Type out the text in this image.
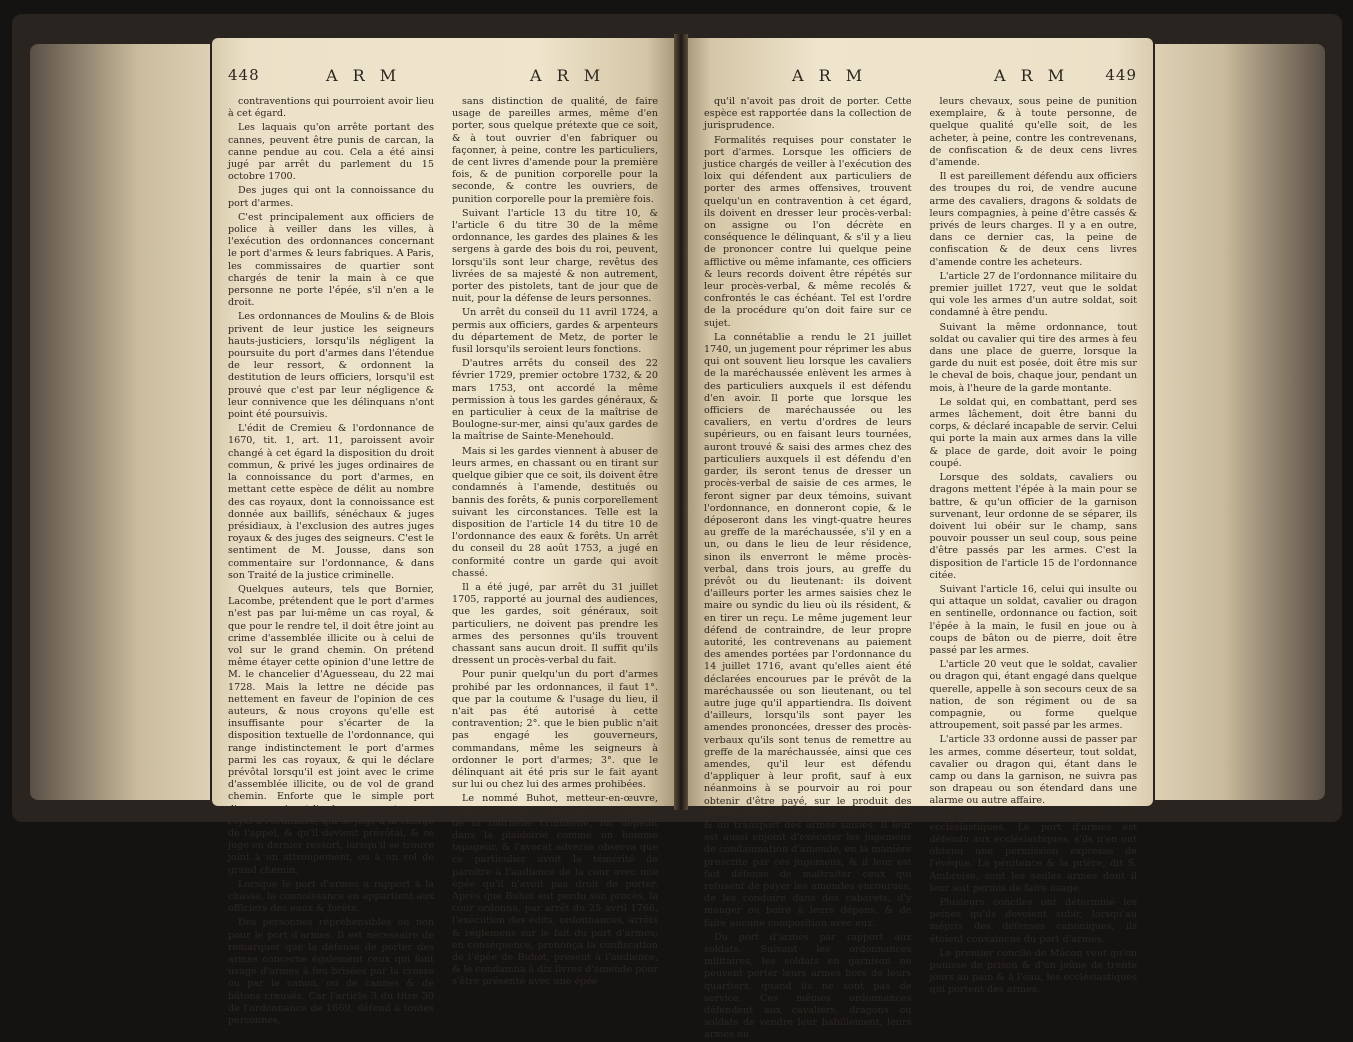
448	A R M	A R M

contraventions qui pourroient avoir lieu à cet égard.

Les laquais qu'on arrête portant des cannes, peuvent être punis de carcan, la canne pendue au cou. Cela a été ainsi jugé par arrêt du parlement du 15 octobre 1700.

Des juges qui ont la connoissance du port d'armes.

C'est principalement aux officiers de police à veiller dans les villes, à l'exécution des ordonnances concernant le port d'armes & leurs fabriques. A Paris, les commissaires de quartier sont chargés de tenir la main à ce que personne ne porte l'épée, s'il n'en a le droit.

Les ordonnances de Moulins & de Blois privent de leur justice les seigneurs hauts-justiciers, lorsqu'ils négligent la poursuite du port d'armes dans l'étendue de leur ressort, & ordonnent la destitution de leurs officiers, lorsqu'il est prouvé que c'est par leur négligence & leur connivence que les délinquans n'ont point été poursuivis.

L'édit de Cremieu & l'ordonnance de 1670, tit. 1, art. 11, paroissent avoir changé à cet égard la disposition du droit commun, & privé les juges ordinaires de la connoissance du port d'armes, en mettant cette espèce de délit au nombre des cas royaux, dont la connoissance est donnée aux baillifs, sénéchaux & juges présidiaux, à l'exclusion des autres juges royaux & des juges des seigneurs. C'est le sentiment de M. Jousse, dans son commentaire sur l'ordonnance, & dans son Traité de la justice criminelle.

Quelques auteurs, tels que Bornier, Lacombe, prétendent que le port d'armes n'est pas par lui-même un cas royal, & que pour le rendre tel, il doit être joint au crime d'assemblée illicite ou à celui de vol sur le grand chemin. On prétend même étayer cette opinion d'une lettre de M. le chancelier d'Aguesseau, du 22 mai 1728. Mais la lettre ne décide pas nettement en faveur de l'opinion de ces auteurs, & nous croyons qu'elle est insuffisante pour s'écarter de la disposition textuelle de l'ordonnance, qui range indistinctement le port d'armes parmi les cas royaux, & qui le déclare prévôtal lorsqu'il est joint avec le crime d'assemblée illicite, ou de vol de grand chemin. Enforte que le simple port d'armes, suivant l'ordonnance, est un cas royal à l'ordinaire, qui se juge à la charge de l'appel, & qu'il devient prévôtal, & se juge en dernier ressort, lorsqu'il se trouve joint à un attroupement, ou à un vol de grand chemin.

Lorsque le port d'armes a rapport à la chasse, la connoissance en appartient aux officiers des eaux & forêts.

Des personnes répréhensibles ou non pour le port d'armes. Il est nécessaire de remarquer que la défense de porter des armes concerne également ceux qui font usage d'armes à feu brisées par la crosse ou par le canon, ou de cannes & de bâtons creusés. Car l'article 3 du titre 30 de l'ordonnance de 1669, défend à toutes personnes,

sans distinction de qualité, de faire usage de pareilles armes, même d'en porter, sous quelque prétexte que ce soit, & à tout ouvrier d'en fabriquer ou façonner, à peine, contre les particuliers, de cent livres d'amende pour la première fois, & de punition corporelle pour la seconde, & contre les ouvriers, de punition corporelle pour la première fois.

Suivant l'article 13 du titre 10, & l'article 6 du titre 30 de la même ordonnance, les gardes des plaines & les sergens à garde des bois du roi, peuvent, lorsqu'ils sont leur charge, revêtus des livrées de sa majesté & non autrement, porter des pistolets, tant de jour que de nuit, pour la défense de leurs personnes.

Un arrêt du conseil du 11 avril 1724, a permis aux officiers, gardes & arpenteurs du département de Metz, de porter le fusil lorsqu'ils seroient leurs fonctions.

D'autres arrêts du conseil des 22 février 1729, premier octobre 1732, & 20 mars 1753, ont accordé la même permission à tous les gardes généraux, & en particulier à ceux de la maîtrise de Boulogne-sur-mer, ainsi qu'aux gardes de la maîtrise de Sainte-Menehould.

Mais si les gardes viennent à abuser de leurs armes, en chassant ou en tirant sur quelque gibier que ce soit, ils doivent être condamnés à l'amende, destitués ou bannis des forêts, & punis corporellement suivant les circonstances. Telle est la disposition de l'article 14 du titre 10 de l'ordonnance des eaux & forêts. Un arrêt du conseil du 28 août 1753, a jugé en conformité contre un garde qui avoit chassé.

Il a été jugé, par arrêt du 31 juillet 1705, rapporté au journal des audiences, que les gardes, soit généraux, soit particuliers, ne doivent pas prendre les armes des personnes qu'ils trouvent chassant sans aucun droit. Il suffit qu'ils dressent un procès-verbal du fait.

Pour punir quelqu'un du port d'armes prohibé par les ordonnances, il faut 1°. que par la coutume & l'usage du lieu, il n'ait pas été autorisé à cette contravention; 2°. que le bien public n'ait pas engagé les gouverneurs, commandans, même les seigneurs à ordonner le port d'armes; 3°. que le délinquant ait été pris sur le fait ayant sur lui ou chez lui des armes prohibées.

Le nommé Buhot, metteur-en-œuvre, ayant en son nom une cause à l'audience de la tournelle criminelle, fut dépêint dans la plaidoirie comme un homme tapageur, & l'avocat adverse observa que ce particulier avoit la témérité de paroître à l'audience de la cour avec une épée qu'il n'avoit pas droit de porter. Après que Buhot eut perdu son procès, la cour ordonna, par arrêt du 25 avril 1766, l'exécution des édits, ordonnances, arrêts & réglemens sur le fait du port d'armes; en conséquence, prononça la confiscation de l'épée de Buhot, présent à l'audience, & le condamna à dix livres d'amende pour s'être présenté avec une épée

A R M	A R M 449

qu'il n'avoit pas droit de porter. Cette espèce est rapportée dans la collection de jurisprudence.

Formalités requises pour constater le port d'armes. Lorsque les officiers de justice chargés de veiller à l'exécution des loix qui défendent aux particuliers de porter des armes offensives, trouvent quelqu'un en contravention à cet égard, ils doivent en dresser leur procès-verbal: on assigne ou l'on décrète en conséquence le délinquant, & s'il y a lieu de prononcer contre lui quelque peine afflictive ou même infamante, ces officiers & leurs records doivent être répétés sur leur procès-verbal, & même recolés & confrontés le cas échéant. Tel est l'ordre de la procédure qu'on doit faire sur ce sujet.

La connétablie a rendu le 21 juillet 1740, un jugement pour réprimer les abus qui ont souvent lieu lorsque les cavaliers de la maréchaussée enlèvent les armes à des particuliers auxquels il est défendu d'en avoir. Il porte que lorsque les officiers de maréchaussée ou les cavaliers, en vertu d'ordres de leurs supérieurs, ou en faisant leurs tournées, auront trouvé & saisi des armes chez des particuliers auxquels il est défendu d'en garder, ils seront tenus de dresser un procès-verbal de saisie de ces armes, le feront signer par deux témoins, suivant l'ordonnance, en donneront copie, & le déposeront dans les vingt-quatre heures au greffe de la maréchaussée, s'il y en a un, ou dans le lieu de leur résidence, sinon ils enverront le même procès-verbal, dans trois jours, au greffe du prévôt ou du lieutenant: ils doivent d'ailleurs porter les armes saisies chez le maire ou syndic du lieu où ils résident, & en tirer un reçu. Le même jugement leur défend de contraindre, de leur propre autorité, les contrevenans au paiement des amendes portées par l'ordonnance du 14 juillet 1716, avant qu'elles aient été déclarées encourues par le prévôt de la maréchaussée ou son lieutenant, ou tel autre juge qu'il appartiendra. Ils doivent d'ailleurs, lorsqu'ils sont payer les amendes prononcées, dresser des procès-verbaux qu'ils sont tenus de remettre au greffe de la maréchaussée, ainsi que ces amendes, qu'il leur est défendu d'appliquer à leur profit, sauf à eux néanmoins à se pourvoir au roi pour obtenir d'être payé, sur le produit des mêmes amendes, de leurs frais de course & du transport des armes saisies. Il leur est aussi enjoint d'exécuter les jugemens de condamnation d'amende, en la manière prescrite par ces jugemens, & il leur est fait défense de maltraiter ceux qui refusent de payer les amendes encourues, de les conduire dans des cabarets, d'y manger ou boire à leurs dépens, & de faire aucune composition avec eux.

Du port d'armes par rapport aux soldats. Suivant les ordonnances militaires, les soldats en garnison ne peuvent porter leurs armes hors de leurs quartiers, quand ils ne sont pas de service. Ces mêmes ordonnances défendent aux cavaliers, dragons ou soldats de vendre leur habillement, leurs armes ou

leurs chevaux, sous peine de punition exemplaire, & à toute personne, de quelque qualité qu'elle soit, de les acheter, à peine, contre les contrevenans, de confiscation & de deux cens livres d'amende.

Il est pareillement défendu aux officiers des troupes du roi, de vendre aucune arme des cavaliers, dragons & soldats de leurs compagnies, à peine d'être cassés & privés de leurs charges. Il y a en outre, dans ce dernier cas, la peine de confiscation & de deux cens livres d'amende contre les acheteurs.

L'article 27 de l'ordonnance militaire du premier juillet 1727, veut que le soldat qui vole les armes d'un autre soldat, soit condamné à être pendu.

Suivant la même ordonnance, tout soldat ou cavalier qui tire des armes à feu dans une place de guerre, lorsque la garde du nuit est posée, doit être mis sur le cheval de bois, chaque jour, pendant un mois, à l'heure de la garde montante.

Le soldat qui, en combattant, perd ses armes lâchement, doit être banni du corps, & déclaré incapable de servir. Celui qui porte la main aux armes dans la ville & place de garde, doit avoir le poing coupé.

Lorsque des soldats, cavaliers ou dragons mettent l'épée à la main pour se battre, & qu'un officier de la garnison survenant, leur ordonne de se séparer, ils doivent lui obéir sur le champ, sans pouvoir pousser un seul coup, sous peine d'être passés par les armes. C'est la disposition de l'article 15 de l'ordonnance citée.

Suivant l'article 16, celui qui insulte ou qui attaque un soldat, cavalier ou dragon en sentinelle, ordonnance ou faction, soit l'épée à la main, le fusil en joue ou à coups de bâton ou de pierre, doit être passé par les armes.

L'article 20 veut que le soldat, cavalier ou dragon qui, étant engagé dans quelque querelle, appelle à son secours ceux de sa nation, de son régiment ou de sa compagnie, ou forme quelque attroupement, soit passé par les armes.

L'article 33 ordonne aussi de passer par les armes, comme déserteur, tout soldat, cavalier ou dragon qui, étant dans le camp ou dans la garnison, ne suivra pas son drapeau ou son étendard dans une alarme ou autre affaire.

Du port d'armes par rapport aux ecclésiastiques. Le port d'armes est défendu aux ecclésiastiques, s'ils n'en ont obtenu une permission expresse de l'évêque. La pénitence & la prière, dit S. Ambroise, sont les seules armes dont il leur soit permis de faire usage.

Plusieurs conciles ont déterminé les peines qu'ils devoient subir, lorsqu'au mépris des défenses canoniques, ils étoient convaincus du port d'armes.

Le premier concile de Mâcon veut qu'on punisse de prison & d'un jeûne de trente jours au pain & à l'eau, les ecclésiastiques qui portent des armes.
